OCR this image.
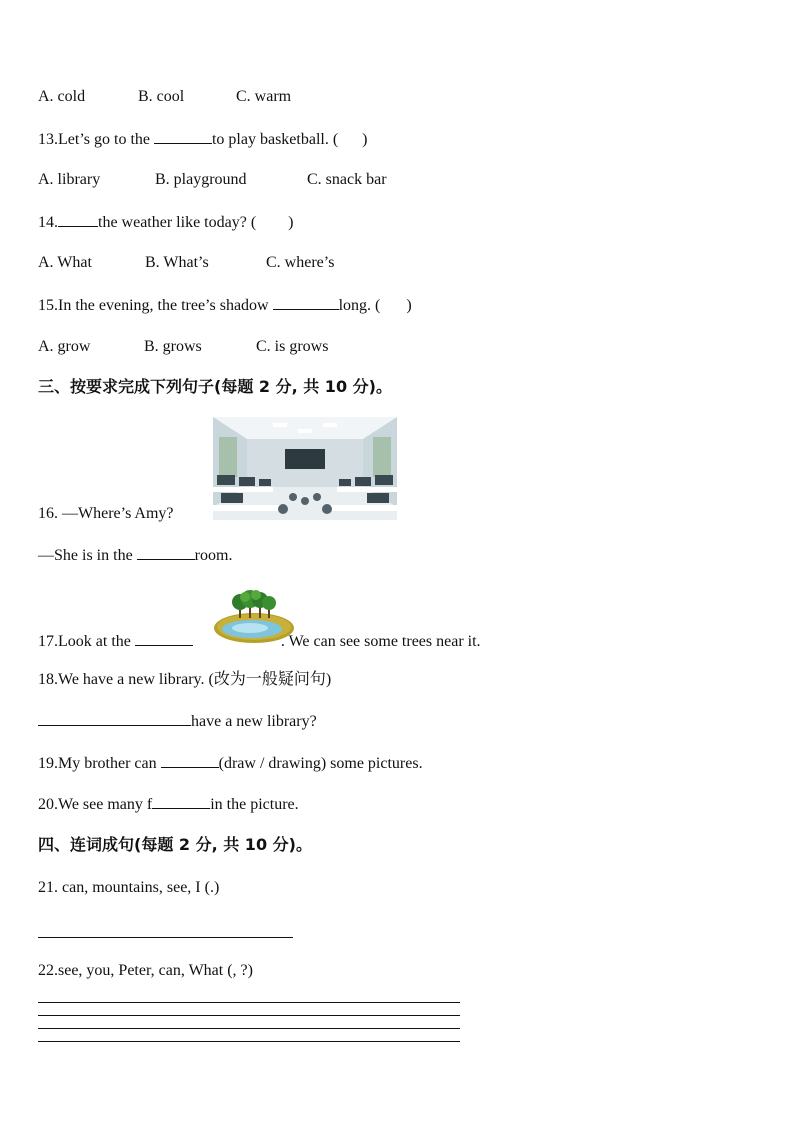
A. cold	B. cool	C. warm
13.Let’s go to the	to play basketball. ( )
A. library	B. playground	C. snack bar
14.	the weather like today? ( )
A. What	B. What’s	C. where’s
15.In the evening, the tree’s shadow	long. ( )
A. grow	B. grows	C. is grows
三、按要求完成下列句子(每题 2 分, 共 10 分)。
16. —Where’s Amy?
—She is in the	room.
17.Look at the	. We can see some trees near it.
18.We have a new library. (改为一般疑问句)
have a new library?
19.My brother can	(draw / drawing) some pictures.
20.We see many f	in the picture.
四、连词成句(每题 2 分, 共 10 分)。
21. can, mountains, see, I (.)
22.see, you, Peter, can, What (, ?)
